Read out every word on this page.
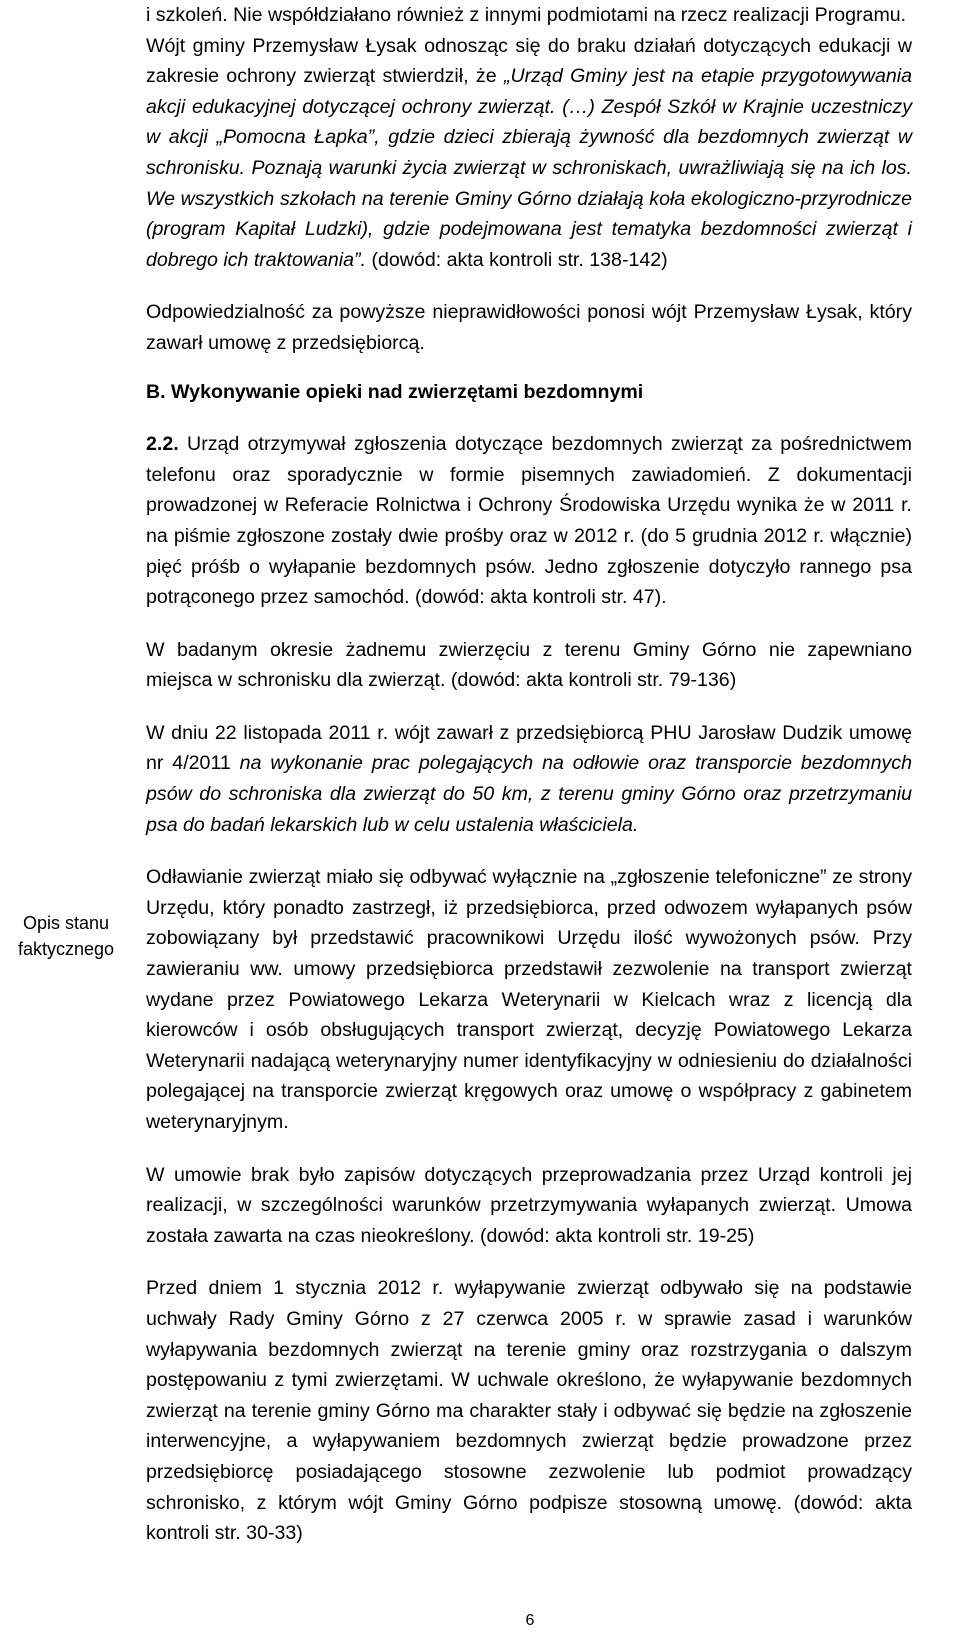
Opis stanu
faktycznego

i szkoleń. Nie współdziałano również z innymi podmiotami na rzecz realizacji Programu.
Wójt gminy Przemysław Łysak odnosząc się do braku działań dotyczących edukacji w zakresie ochrony zwierząt stwierdził, że „Urząd Gminy jest na etapie przygotowywania akcji edukacyjnej dotyczącej ochrony zwierząt. (…) Zespół Szkół w Krajnie uczestniczy w akcji „Pomocna Łapka”, gdzie dzieci zbierają żywność dla bezdomnych zwierząt w schronisku. Poznają warunki życia zwierząt w schroniskach, uwrażliwiają się na ich los. We wszystkich szkołach na terenie Gminy Górno działają koła ekologiczno-przyrodnicze (program Kapitał Ludzki), gdzie podejmowana jest tematyka bezdomności zwierząt i dobrego ich traktowania”. (dowód: akta kontroli str. 138-142)

Odpowiedzialność za powyższe nieprawidłowości ponosi wójt Przemysław Łysak, który zawarł umowę z przedsiębiorcą.

B. Wykonywanie opieki nad zwierzętami bezdomnymi

2.2. Urząd otrzymywał zgłoszenia dotyczące bezdomnych zwierząt za pośrednictwem telefonu oraz sporadycznie w formie pisemnych zawiadomień. Z dokumentacji prowadzonej w Referacie Rolnictwa i Ochrony Środowiska Urzędu wynika że w 2011 r. na piśmie zgłoszone zostały dwie prośby oraz w 2012 r. (do 5 grudnia 2012 r. włącznie) pięć próśb o wyłapanie bezdomnych psów. Jedno zgłoszenie dotyczyło rannego psa potrąconego przez samochód. (dowód: akta kontroli str. 47).

W badanym okresie żadnemu zwierzęciu z terenu Gminy Górno nie zapewniano miejsca w schronisku dla zwierząt. (dowód: akta kontroli str. 79-136)

W dniu 22 listopada 2011 r. wójt zawarł z przedsiębiorcą PHU Jarosław Dudzik umowę nr 4/2011 na wykonanie prac polegających na odłowie oraz transporcie bezdomnych psów do schroniska dla zwierząt do 50 km, z terenu gminy Górno oraz przetrzymaniu psa do badań lekarskich lub w celu ustalenia właściciela.

Odławianie zwierząt miało się odbywać wyłącznie na „zgłoszenie telefoniczne” ze strony Urzędu, który ponadto zastrzegł, iż przedsiębiorca, przed odwozem wyłapanych psów zobowiązany był przedstawić pracownikowi Urzędu ilość wywożonych psów. Przy zawieraniu ww. umowy przedsiębiorca przedstawił zezwolenie na transport zwierząt wydane przez Powiatowego Lekarza Weterynarii w Kielcach wraz z licencją dla kierowców i osób obsługujących transport zwierząt, decyzję Powiatowego Lekarza Weterynarii nadającą weterynaryjny numer identyfikacyjny w odniesieniu do działalności polegającej na transporcie zwierząt kręgowych oraz umowę o współpracy z gabinetem weterynaryjnym.

W umowie brak było zapisów dotyczących przeprowadzania przez Urząd kontroli jej realizacji, w szczególności warunków przetrzymywania wyłapanych zwierząt. Umowa została zawarta na czas nieokreślony. (dowód: akta kontroli str. 19-25)

Przed dniem 1 stycznia 2012 r. wyłapywanie zwierząt odbywało się na podstawie uchwały Rady Gminy Górno z 27 czerwca 2005 r. w sprawie zasad i warunków wyłapywania bezdomnych zwierząt na terenie gminy oraz rozstrzygania o dalszym postępowaniu z tymi zwierzętami. W uchwale określono, że wyłapywanie bezdomnych zwierząt na terenie gminy Górno ma charakter stały i odbywać się będzie na zgłoszenie interwencyjne, a wyłapywaniem bezdomnych zwierząt będzie prowadzone przez przedsiębiorcę posiadającego stosowne zezwolenie lub podmiot prowadzący schronisko, z którym wójt Gminy Górno podpisze stosowną umowę. (dowód: akta kontroli str. 30-33)

6
